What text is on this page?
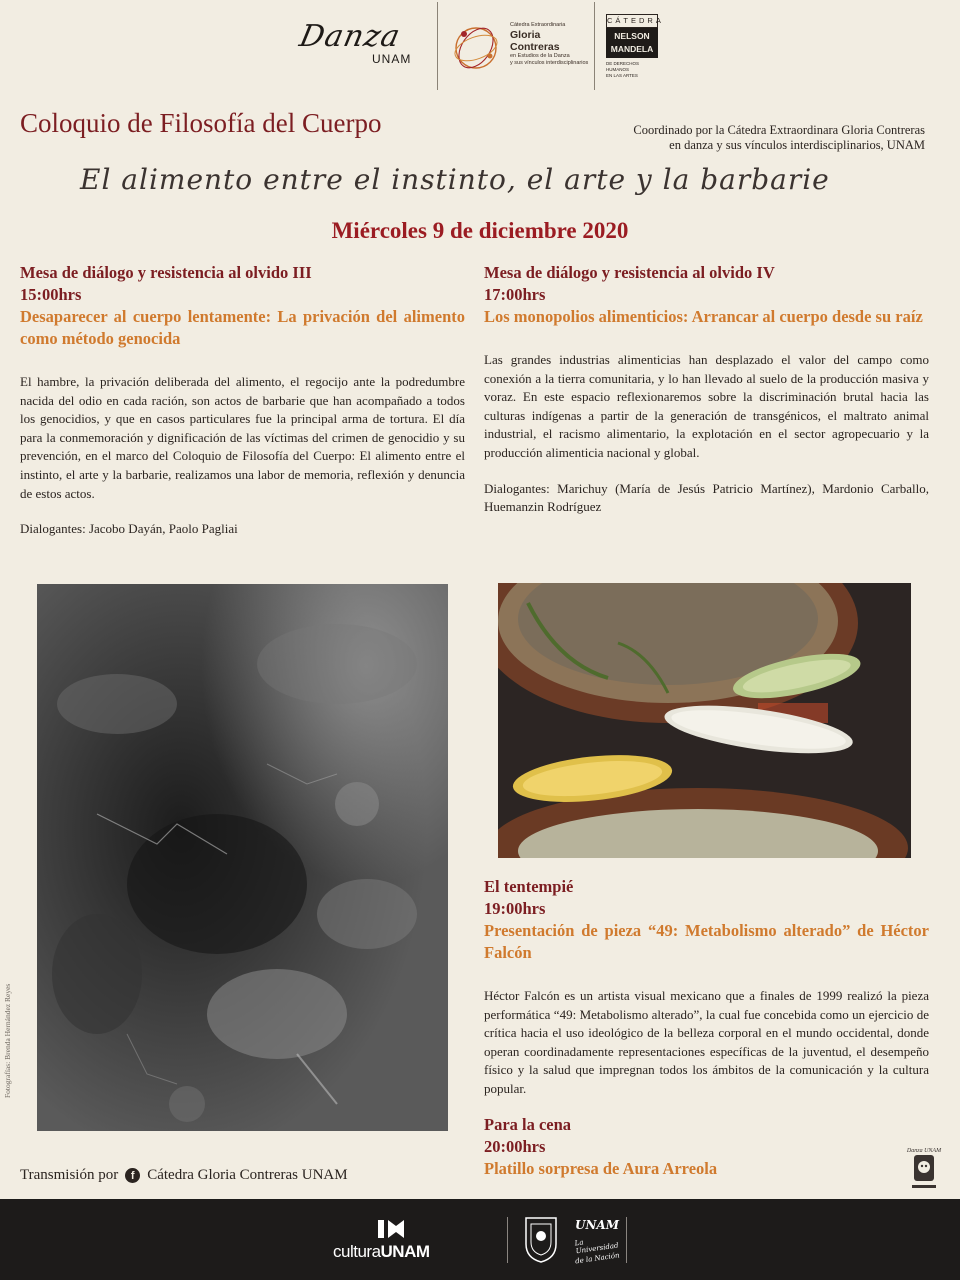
Danza
UNAM
Cátedra Extraordinaria
Gloria
Contreras
en Estudios de la Danza
y sus vínculos interdisciplinarios
CÁTEDRA
NELSON
MANDELA
DE DERECHOS HUMANOS
EN LAS ARTES
Coloquio de Filosofía del Cuerpo	Coordinado por la Cátedra Extraordinara Gloria Contreras
en danza y sus vínculos interdisciplinarios, UNAM
El alimento entre el instinto, el arte y la barbarie
Miércoles 9 de diciembre 2020
Mesa de diálogo y resistencia al olvido III
15:00hrs
Desaparecer al cuerpo lentamente: La privación del alimento como método genocida
El hambre, la privación deliberada del alimento, el regocijo ante la podredumbre nacida del odio en cada ración, son actos de barbarie que han acompañado a todos los genocidios, y que en casos particulares fue la principal arma de tortura. El día para la conmemoración y dignificación de las víctimas del crimen de genocidio y su prevención, en el marco del Coloquio de Filosofía del Cuerpo: El alimento entre el instinto, el arte y la barbarie, realizamos una labor de memoria, reflexión y denuncia de estos actos.
Dialogantes: Jacobo Dayán, Paolo Pagliai
Mesa de diálogo y resistencia al olvido IV
17:00hrs
Los monopolios alimenticios: Arrancar al cuerpo desde su raíz
Las grandes industrias alimenticias han desplazado el valor del campo como conexión a la tierra comunitaria, y lo han llevado al suelo de la producción masiva y voraz. En este espacio reflexionaremos sobre la discriminación brutal hacia las culturas indígenas a partir de la generación de transgénicos, el maltrato animal industrial, el racismo alimentario, la explotación en el sector agropecuario y la producción alimenticia nacional y global.
Dialogantes: Marichuy (María de Jesús Patricio Martínez), Mardonio Carballo, Huemanzin Rodríguez
Fotografías: Brenda Hernández Reyes
El tentempié
19:00hrs
Presentación de pieza “49: Metabolismo alterado” de Héctor Falcón
Héctor Falcón es un artista visual mexicano que a finales de 1999 realizó la pieza performática “49: Metabolismo alterado”, la cual fue concebida como un ejercicio de crítica hacia el uso ideológico de la belleza corporal en el mundo occidental, donde operan coordinadamente representaciones específicas de la juventud, el desempeño físico y la salud que impregnan todos los ámbitos de la comunicación y la cultura popular.
Para la cena
20:00hrs
Platillo sorpresa de Aura Arreola
Transmisión por	f Cátedra Gloria Contreras UNAM
Danza UNAM
culturaUNAM
UNAM
La Universidad
de la Nación
